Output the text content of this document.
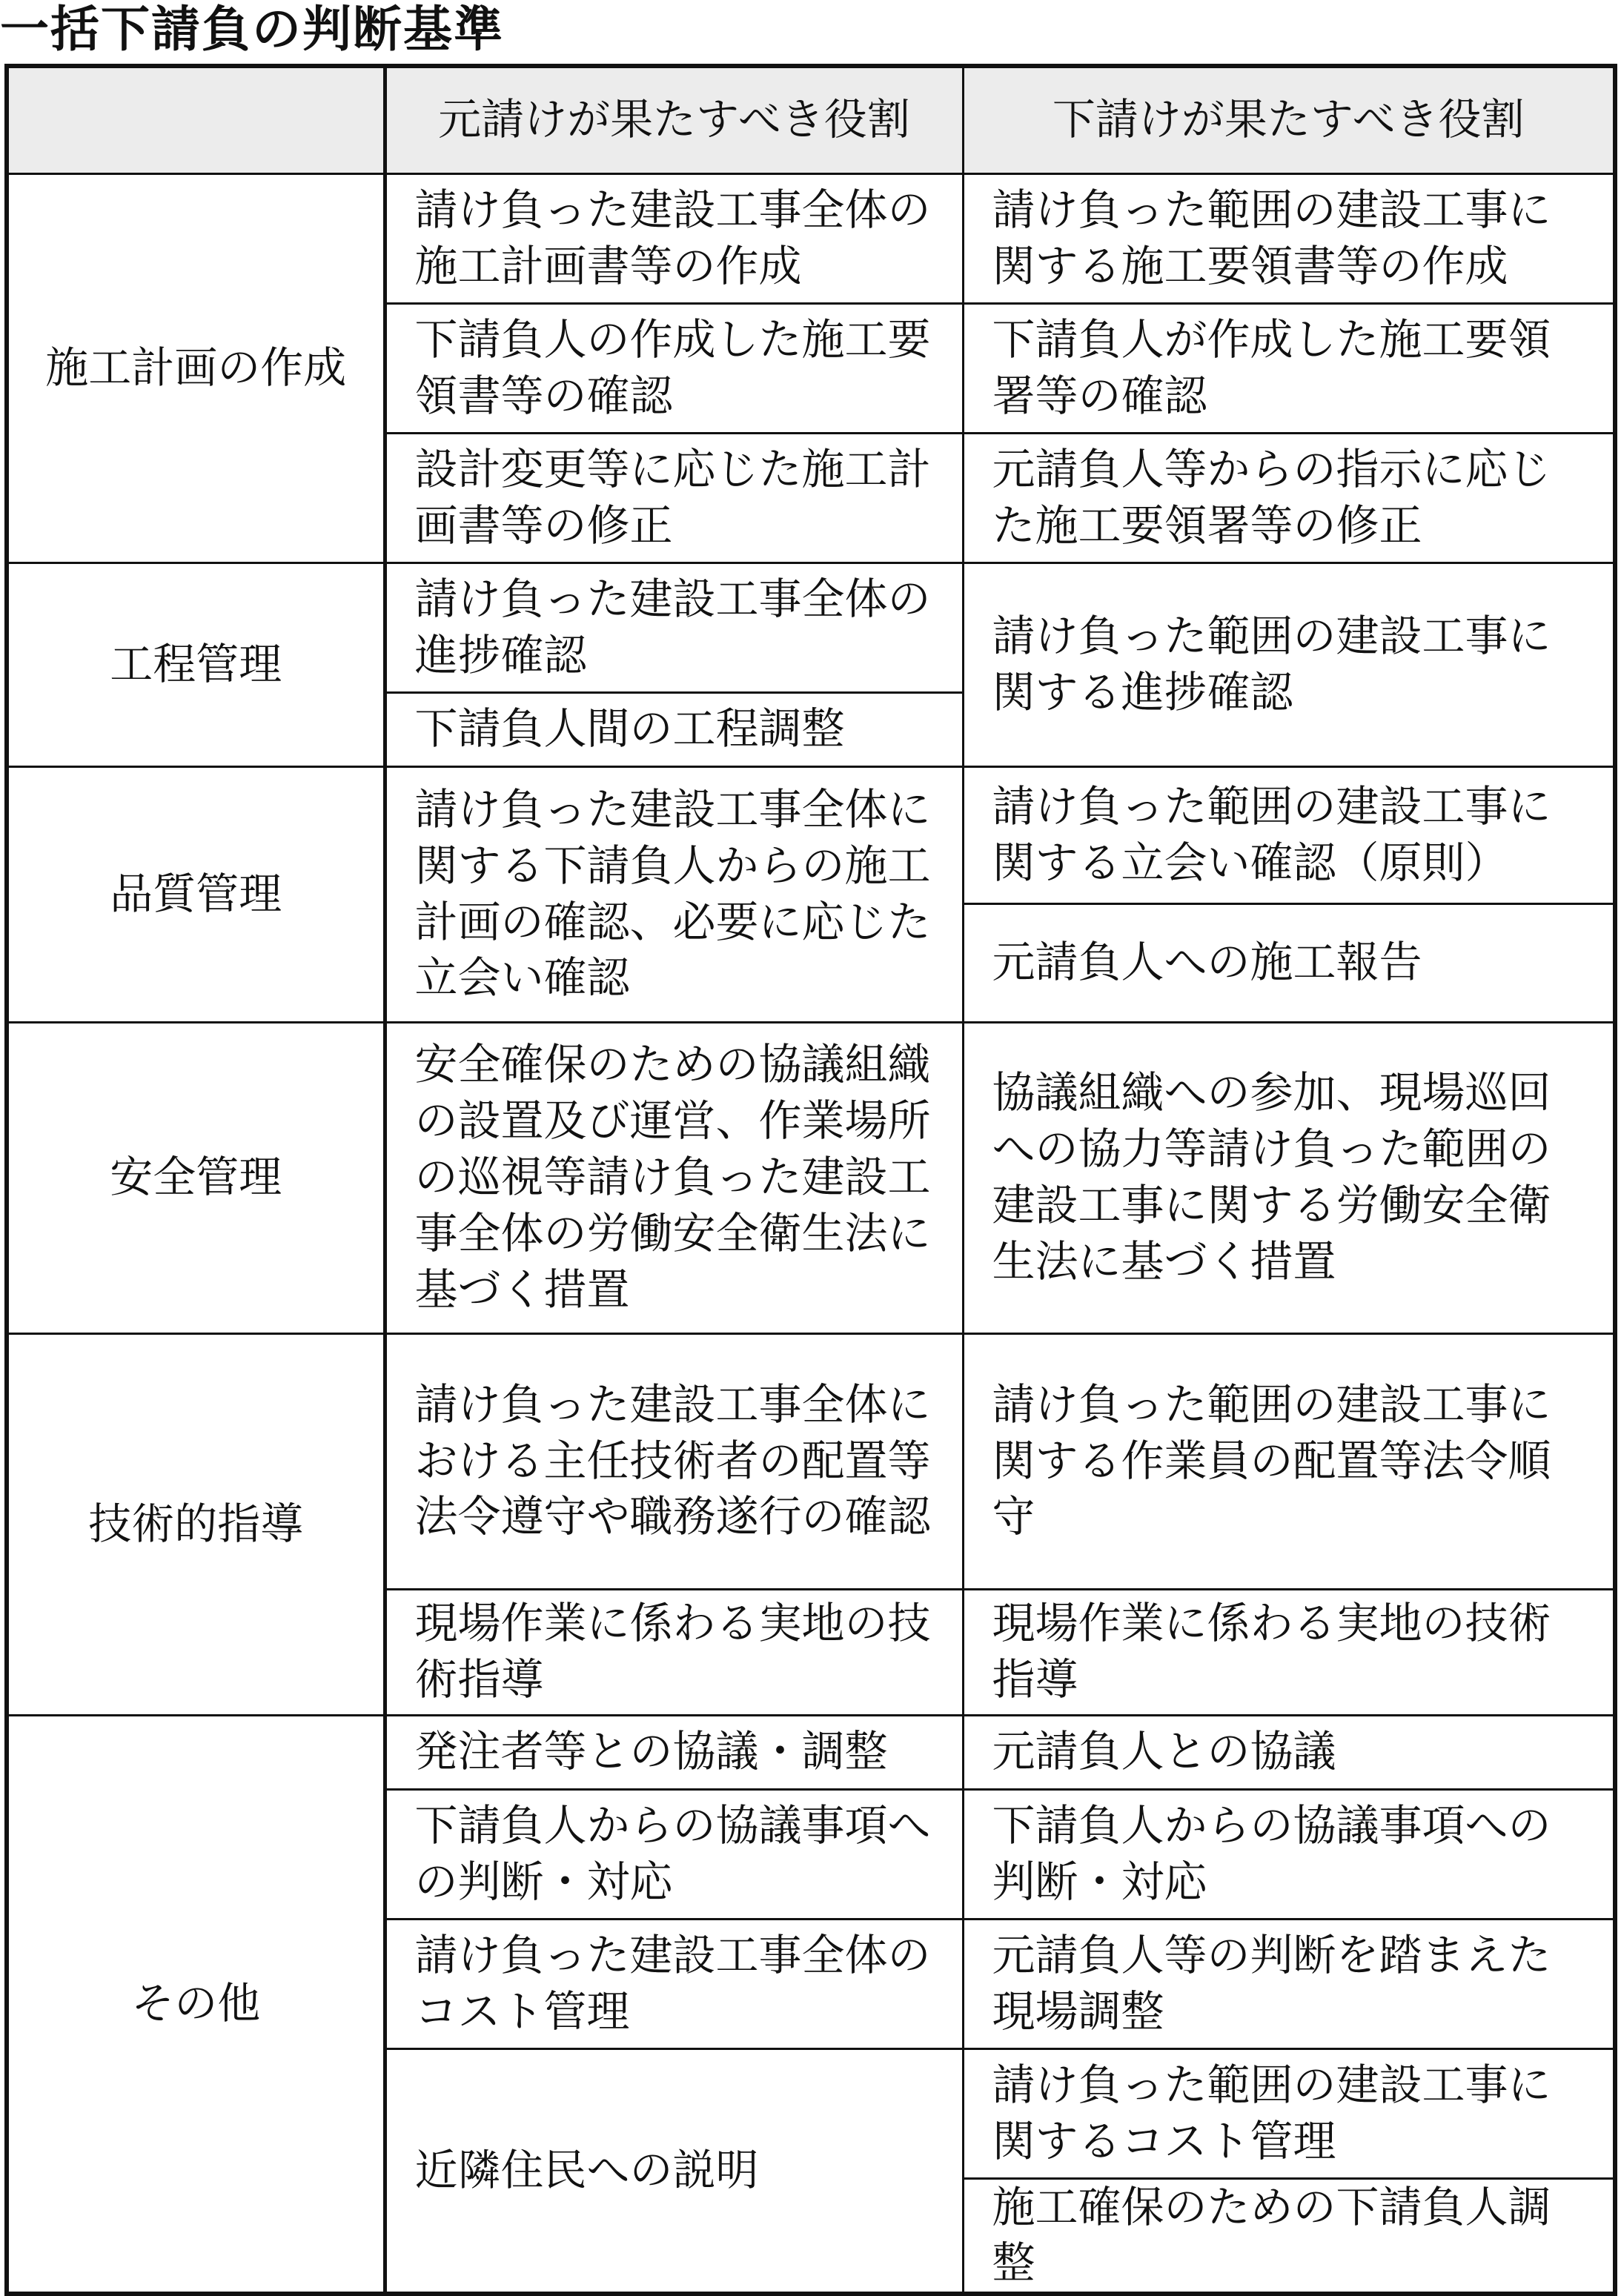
一括下請負の判断基準
	元請けが果たすべき役割	下請けが果たすべき役割
施工計画の作成	請け負った建設工事全体の施工計画書等の作成	請け負った範囲の建設工事に関する施工要領書等の作成
	下請負人の作成した施工要領書等の確認	下請負人が作成した施工要領署等の確認
	設計変更等に応じた施工計画書等の修正	元請負人等からの指示に応じた施工要領署等の修正
工程管理	請け負った建設工事全体の進捗確認	請け負った範囲の建設工事に関する進捗確認
	下請負人間の工程調整	
品質管理	請け負った建設工事全体に関する下請負人からの施工計画の確認、必要に応じた立会い確認	請け負った範囲の建設工事に関する立会い確認（原則）
		元請負人への施工報告
安全管理	安全確保のための協議組織の設置及び運営、作業場所の巡視等請け負った建設工事全体の労働安全衛生法に基づく措置	協議組織への参加、現場巡回への協力等請け負った範囲の建設工事に関する労働安全衛生法に基づく措置
技術的指導	請け負った建設工事全体における主任技術者の配置等法令遵守や職務遂行の確認	請け負った範囲の建設工事に関する作業員の配置等法令順守
	現場作業に係わる実地の技術指導	現場作業に係わる実地の技術指導
その他	発注者等との協議・調整	元請負人との協議
	下請負人からの協議事項への判断・対応	下請負人からの協議事項への判断・対応
	請け負った建設工事全体のコスト管理	元請負人等の判断を踏まえた現場調整
	近隣住民への説明	請け負った範囲の建設工事に関するコスト管理
		施工確保のための下請負人調整
